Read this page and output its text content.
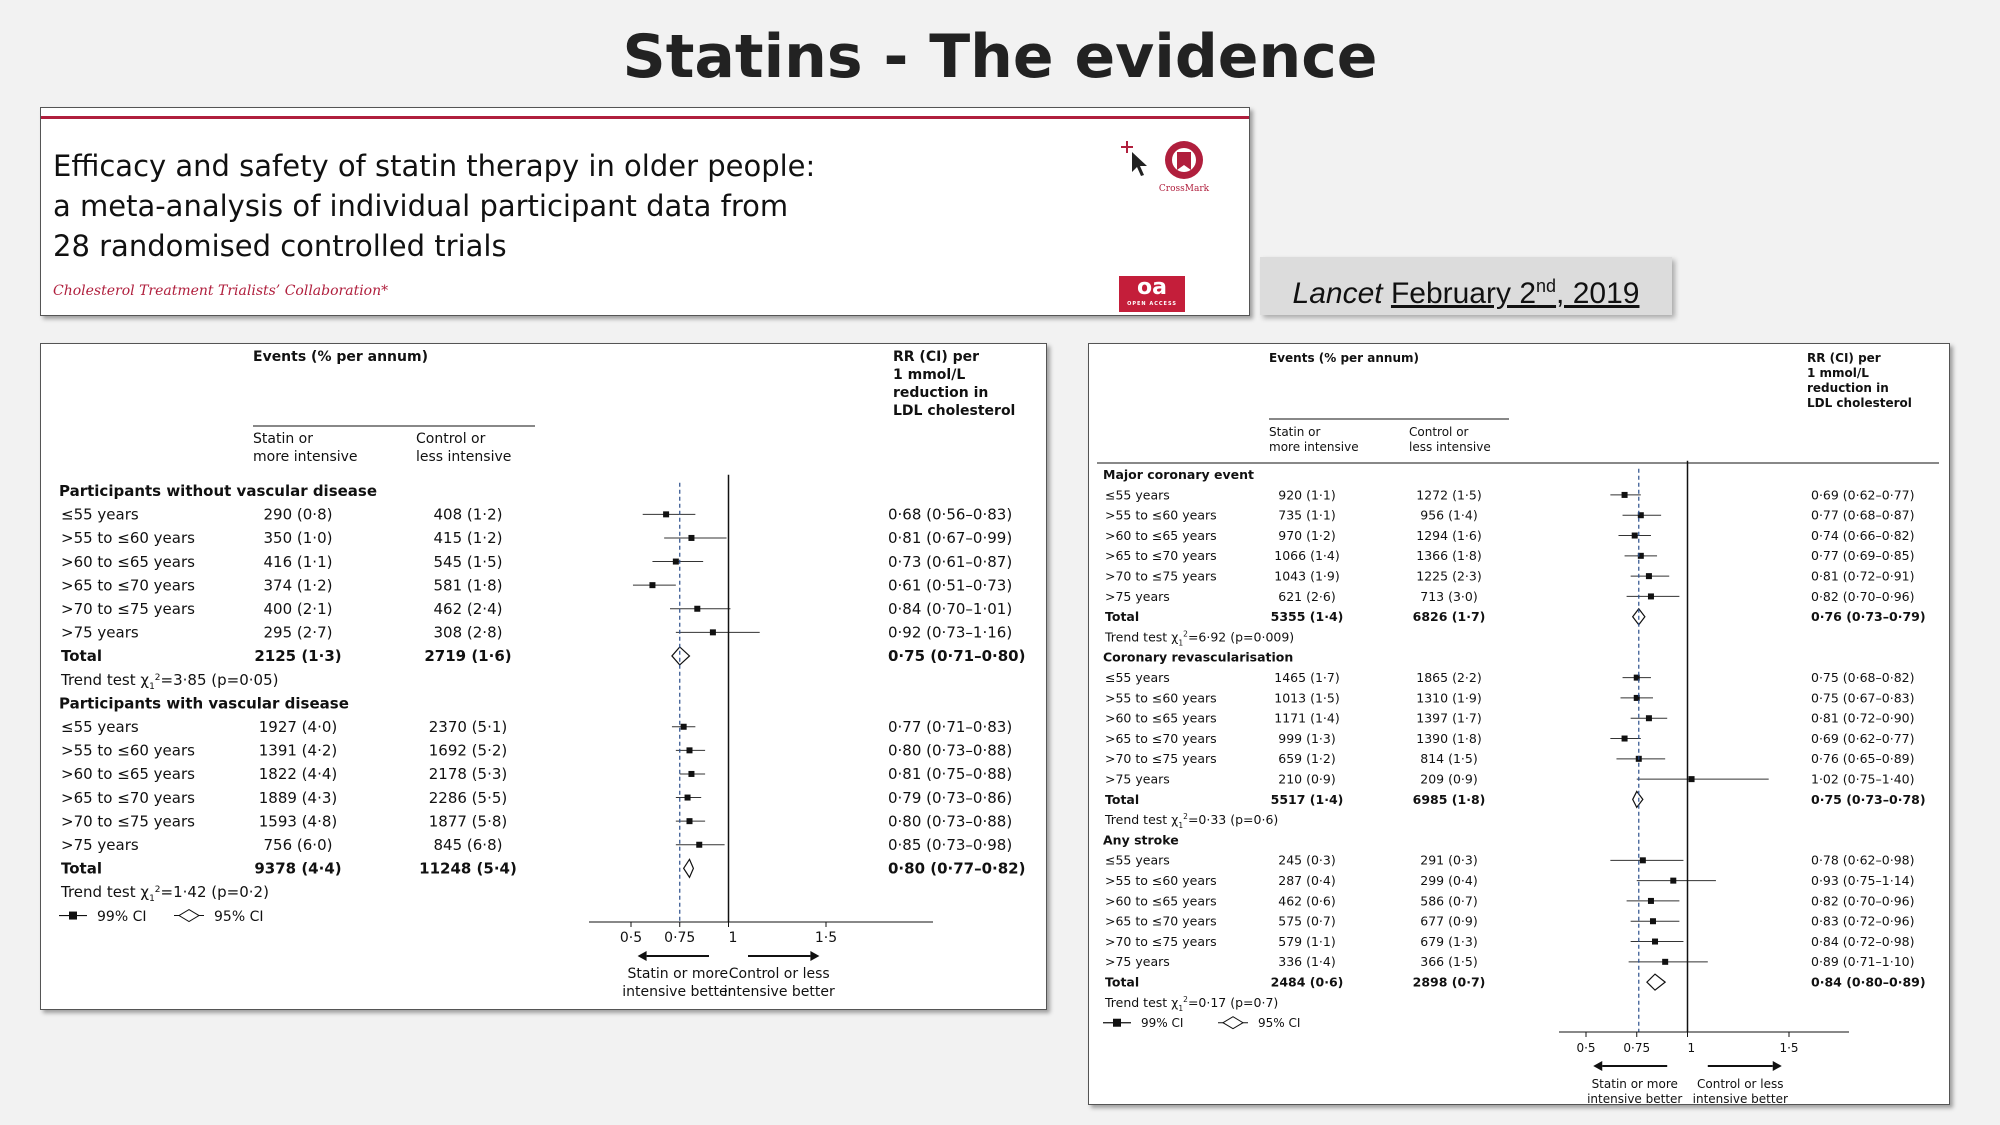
Statins - The evidence
Efficacy and safety of statin therapy in older people:
a meta-analysis of individual participant data from
28 randomised controlled trials
Cholesterol Treatment Trialists’ Collaboration*
CrossMark
oa
OPEN ACCESS	Lancet February 2nd, 2019
Events (% per annum)	RR (CI) per
1 mmol/L
reduction in
LDL cholesterol
Statin or
more intensive
Control or
less intensive
Participants without vascular disease
≤55 years	290 (0·8)	408 (1·2)	0·68 (0·56–0·83)
>55 to ≤60 years	350 (1·0)	415 (1·2)	0·81 (0·67–0·99)
>60 to ≤65 years	416 (1·1)	545 (1·5)	0·73 (0·61–0·87)
>65 to ≤70 years	374 (1·2)	581 (1·8)	0·61 (0·51–0·73)
>70 to ≤75 years	400 (2·1)	462 (2·4)	0·84 (0·70–1·01)
>75 years	295 (2·7)	308 (2·8)	0·92 (0·73–1·16)
Total	2125 (1·3)	2719 (1·6)	0·75 (0·71–0·80)
Trend test $\chi_1^2=3\cdot 85$ (p=0·05)
Participants with vascular disease
≤55 years	1927 (4·0)	2370 (5·1)	0·77 (0·71–0·83)
>55 to ≤60 years	1391 (4·2)	1692 (5·2)	0·80 (0·73–0·88)
>60 to ≤65 years	1822 (4·4)	2178 (5·3)	0·81 (0·75–0·88)
>65 to ≤70 years	1889 (4·3)	2286 (5·5)	0·79 (0·73–0·86)
>70 to ≤75 years	1593 (4·8)	1877 (5·8)	0·80 (0·73–0·88)
>75 years	756 (6·0)	845 (6·8)	0·85 (0·73–0·98)
Total	9378 (4·4)	11248 (5·4)	0·80 (0·77–0·82)
Trend test $\chi_1^2=1\cdot 42$ (p=0·2)
99% CI	95% CI
0·5 0·75 1	1·5
Statin or more
intensive better
Control or less
intensive better
Events (% per annum)	RR (CI) per
1 mmol/L
reduction in
LDL cholesterol
Statin or
more intensive
Control or
less intensive
Major coronary event
≤55 years	920 (1·1)	1272 (1·5)	0·69 (0·62–0·77)
>55 to ≤60 years	735 (1·1)	956 (1·4)	0·77 (0·68–0·87)
>60 to ≤65 years	970 (1·2)	1294 (1·6)	0·74 (0·66–0·82)
>65 to ≤70 years	1066 (1·4)	1366 (1·8)	0·77 (0·69–0·85)
>70 to ≤75 years	1043 (1·9)	1225 (2·3)	0·81 (0·72–0·91)
>75 years	621 (2·6)	713 (3·0)	0·82 (0·70–0·96)
Total	5355 (1·4)	6826 (1·7)	0·76 (0·73–0·79)
Trend test $\chi_1^2=6\cdot 92$ (p=0·009)
Coronary revascularisation
≤55 years	1465 (1·7)	1865 (2·2)	0·75 (0·68–0·82)
>55 to ≤60 years	1013 (1·5)	1310 (1·9)	0·75 (0·67–0·83)
>60 to ≤65 years	1171 (1·4)	1397 (1·7)	0·81 (0·72–0·90)
>65 to ≤70 years	999 (1·3)	1390 (1·8)	0·69 (0·62–0·77)
>70 to ≤75 years	659 (1·2)	814 (1·5)	0·76 (0·65–0·89)
>75 years	210 (0·9)	209 (0·9)	1·02 (0·75–1·40)
Total	5517 (1·4)	6985 (1·8)	0·75 (0·73–0·78)
Trend test $\chi_1^2=0\cdot 33$ (p=0·6)
Any stroke
≤55 years	245 (0·3)	291 (0·3)	0·78 (0·62–0·98)
>55 to ≤60 years	287 (0·4)	299 (0·4)	0·93 (0·75–1·14)
>60 to ≤65 years	462 (0·6)	586 (0·7)	0·82 (0·70–0·96)
>65 to ≤70 years	575 (0·7)	677 (0·9)	0·83 (0·72–0·96)
>70 to ≤75 years	579 (1·1)	679 (1·3)	0·84 (0·72–0·98)
>75 years	336 (1·4)	366 (1·5)	0·89 (0·71–1·10)
Total	2484 (0·6)	2898 (0·7)	0·84 (0·80–0·89)
Trend test $\chi_1^2=0\cdot 17$ (p=0·7)
99% CI	95% CI
0·5 0·75	1	1·5
Statin or more
intensive better
Control or less
intensive better
